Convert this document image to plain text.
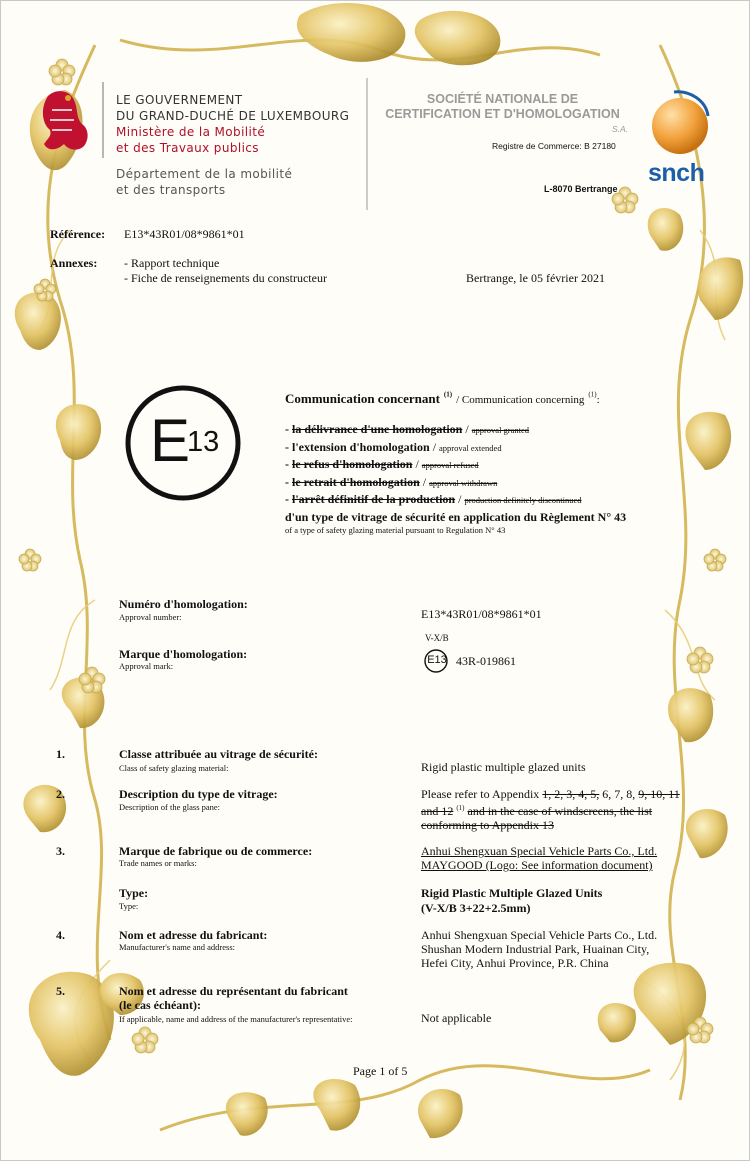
LE GOUVERNEMENT
DU GRAND-DUCHÉ DE LUXEMBOURG
Ministère de la Mobilité
et des Travaux publics
Département de la mobilité
et des transports
SOCIÉTÉ NATIONALE DE
CERTIFICATION ET D'HOMOLOGATION
S.A.
Registre de Commerce: B 27180
L-8070 Bertrange
snch
Référence: E13*43R01/08*9861*01
Annexes: - Rapport technique
- Fiche de renseignements du constructeur	Bertrange, le 05 février 2021
E
13
Communication concernant $^{(1)}$ / Communication concerning $^{(1)}$:
- la délivrance d'une homologation / approval granted
- l'extension d'homologation / approval extended
- le refus d'homologation / approval refused
- le retrait d'homologation / approval withdrawn
- l'arrêt définitif de la production / production definitely discontinued
d'un type de vitrage de sécurité en application du Règlement N° 43
of a type of safety glazing material pursuant to Regulation N° 43
Numéro d'homologation:
Approval number:	E13*43R01/08*9861*01
Marque d'homologation:
Approval mark:
V-X/B
E13 43R-019861
1.	Classe attribuée au vitrage de sécurité:
Class of safety glazing material:	Rigid plastic multiple glazed units
2.	Description du type de vitrage:
Description of the glass pane:
Please refer to Appendix 1, 2, 3, 4, 5, 6, 7, 8, 9, 10, 11
and 12 $^{(1)}$ and in the case of windscreens, the list
conforming to Appendix 13
3.	Marque de fabrique ou de commerce:
Trade names or marks:
Anhui Shengxuan Special Vehicle Parts Co., Ltd.
MAYGOOD (Logo: See information document)
Type:
Type:
Rigid Plastic Multiple Glazed Units
(V-X/B 3+22+2.5mm)
4.	Nom et adresse du fabricant:
Manufacturer's name and address:
Anhui Shengxuan Special Vehicle Parts Co., Ltd.
Shushan Modern Industrial Park, Huainan City,
Hefei City, Anhui Province, P.R. China
5.	Nom et adresse du représentant du fabricant
(le cas échéant):
If applicable, name and address of the manufacturer's representative:	Not applicable
Page 1 of 5
